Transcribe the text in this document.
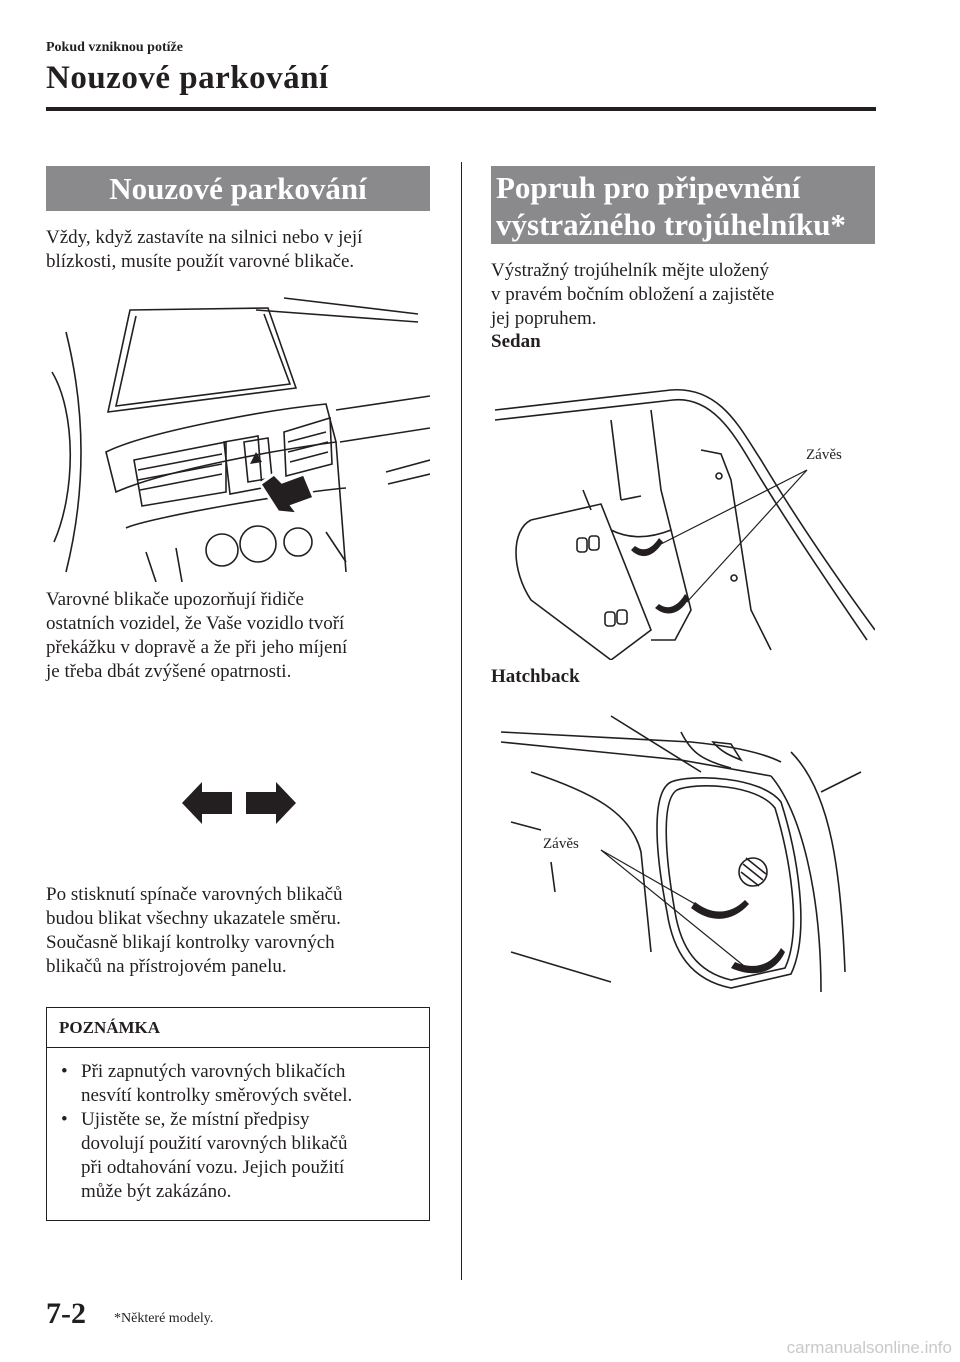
Pokud vzniknou potíže
Nouzové parkování
Nouzové parkování
Vždy, když zastavíte na silnici nebo v její
blízkosti, musíte použít varovné blikače.
Varovné blikače upozorňují řidiče
ostatních vozidel, že Vaše vozidlo tvoří
překážku v dopravě a že při jeho míjení
je třeba dbát zvýšené opatrnosti.
Po stisknutí spínače varovných blikačů
budou blikat všechny ukazatele směru.
Současně blikají kontrolky varovných
blikačů na přístrojovém panelu.
POZNÁMKA
• Při zapnutých varovných blikačích
nesvítí kontrolky směrových světel.
• Ujistěte se, že místní předpisy
dovolují použití varovných blikačů
při odtahování vozu. Jejich použití
může být zakázáno.
Popruh pro připevnění
výstražného trojúhelníku*
Výstražný trojúhelník mějte uložený
v pravém bočním obložení a zajistěte
jej popruhem.
Sedan
Závěs
Hatchback
Závěs
7-2 *Některé modely.
carmanualsonline.info
